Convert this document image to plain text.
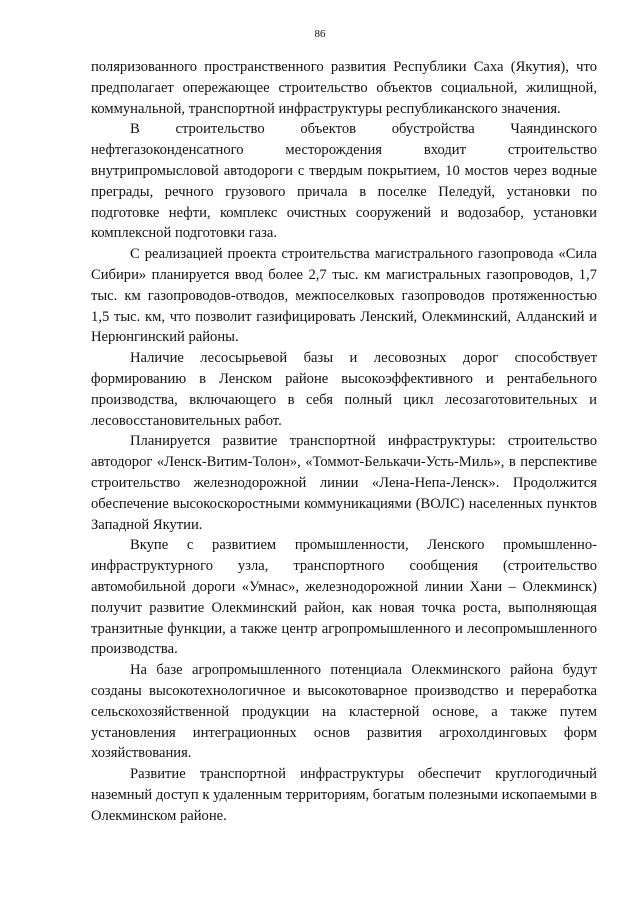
86

поляризованного пространственного развития Республики Саха (Якутия), что предполагает опережающее строительство объектов социальной, жилищной, коммунальной, транспортной инфраструктуры республиканского значения.

В строительство объектов обустройства Чаяндинского нефтегазоконденсатного месторождения входит строительство внутрипромысловой автодороги с твердым покрытием, 10 мостов через водные преграды, речного грузового причала в поселке Пеледуй, установки по подготовке нефти, комплекс очистных сооружений и водозабор, установки комплексной подготовки газа.

С реализацией проекта строительства магистрального газопровода «Сила Сибири» планируется ввод более 2,7 тыс. км магистральных газопроводов, 1,7 тыс. км газопроводов-отводов, межпоселковых газопроводов протяженностью 1,5 тыс. км, что позволит газифицировать Ленский, Олекминский, Алданский и Нерюнгинский районы.

Наличие лесосырьевой базы и лесовозных дорог способствует формированию в Ленском районе высокоэффективного и рентабельного производства, включающего в себя полный цикл лесозаготовительных и лесовосстановительных работ.

Планируется развитие транспортной инфраструктуры: строительство автодорог «Ленск-Витим-Толон», «Томмот-Белькачи-Усть-Миль», в перспективе строительство железнодорожной линии «Лена-Непа-Ленск». Продолжится обеспечение высокоскоростными коммуникациями (ВОЛС) населенных пунктов Западной Якутии.

Вкупе с развитием промышленности, Ленского промышленно-инфраструктурного узла, транспортного сообщения (строительство автомобильной дороги «Умнас», железнодорожной линии Хани – Олекминск) получит развитие Олекминский район, как новая точка роста, выполняющая транзитные функции, а также центр агропромышленного и лесопромышленного производства.

На базе агропромышленного потенциала Олекминского района будут созданы высокотехнологичное и высокотоварное производство и переработка сельскохозяйственной продукции на кластерной основе, а также путем установления интеграционных основ развития агрохолдинговых форм хозяйствования.

Развитие транспортной инфраструктуры обеспечит круглогодичный наземный доступ к удаленным территориям, богатым полезными ископаемыми в Олекминском районе.
